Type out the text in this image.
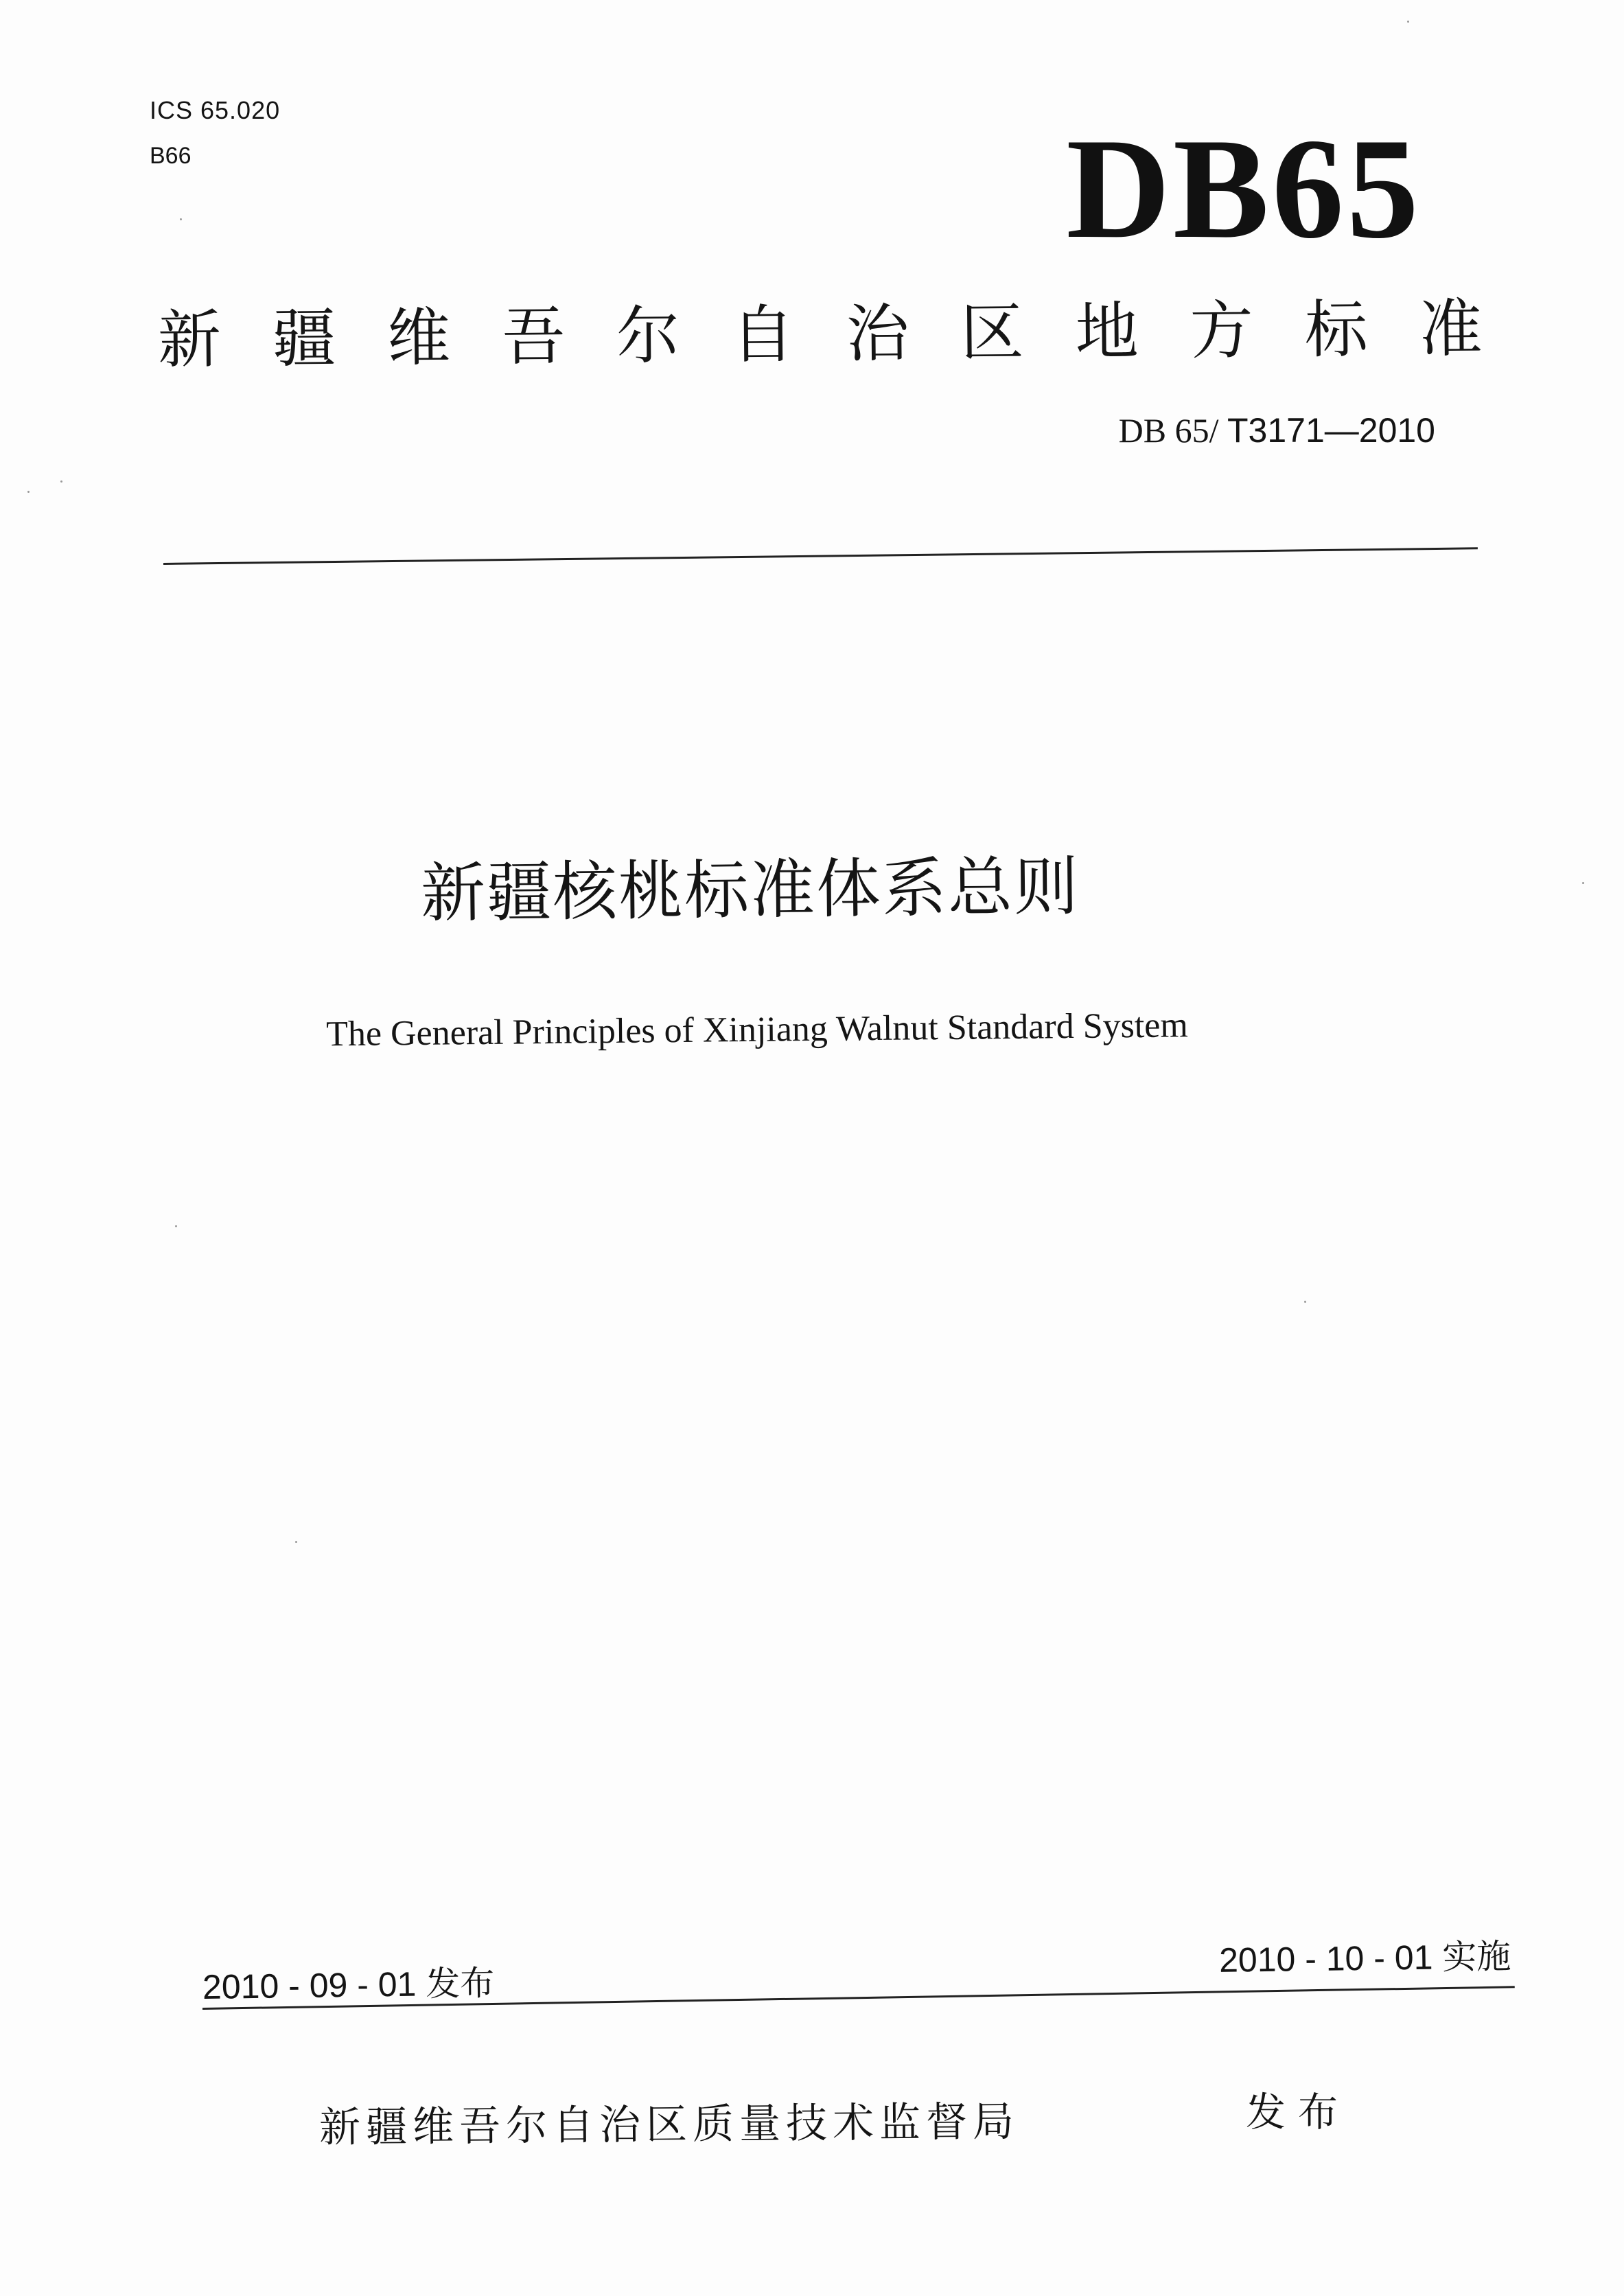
ICS 65.020
B66	DB65
新 疆 维 吾 尔 自 治 区 地 方 标 准
DB 65/ T3171—2010
新疆核桃标准体系总则
The General Principles of Xinjiang Walnut Standard System
2010 - 09 - 01 发布
2010 - 10 - 01 实施
新疆维吾尔自治区质量技术监督局	发布
